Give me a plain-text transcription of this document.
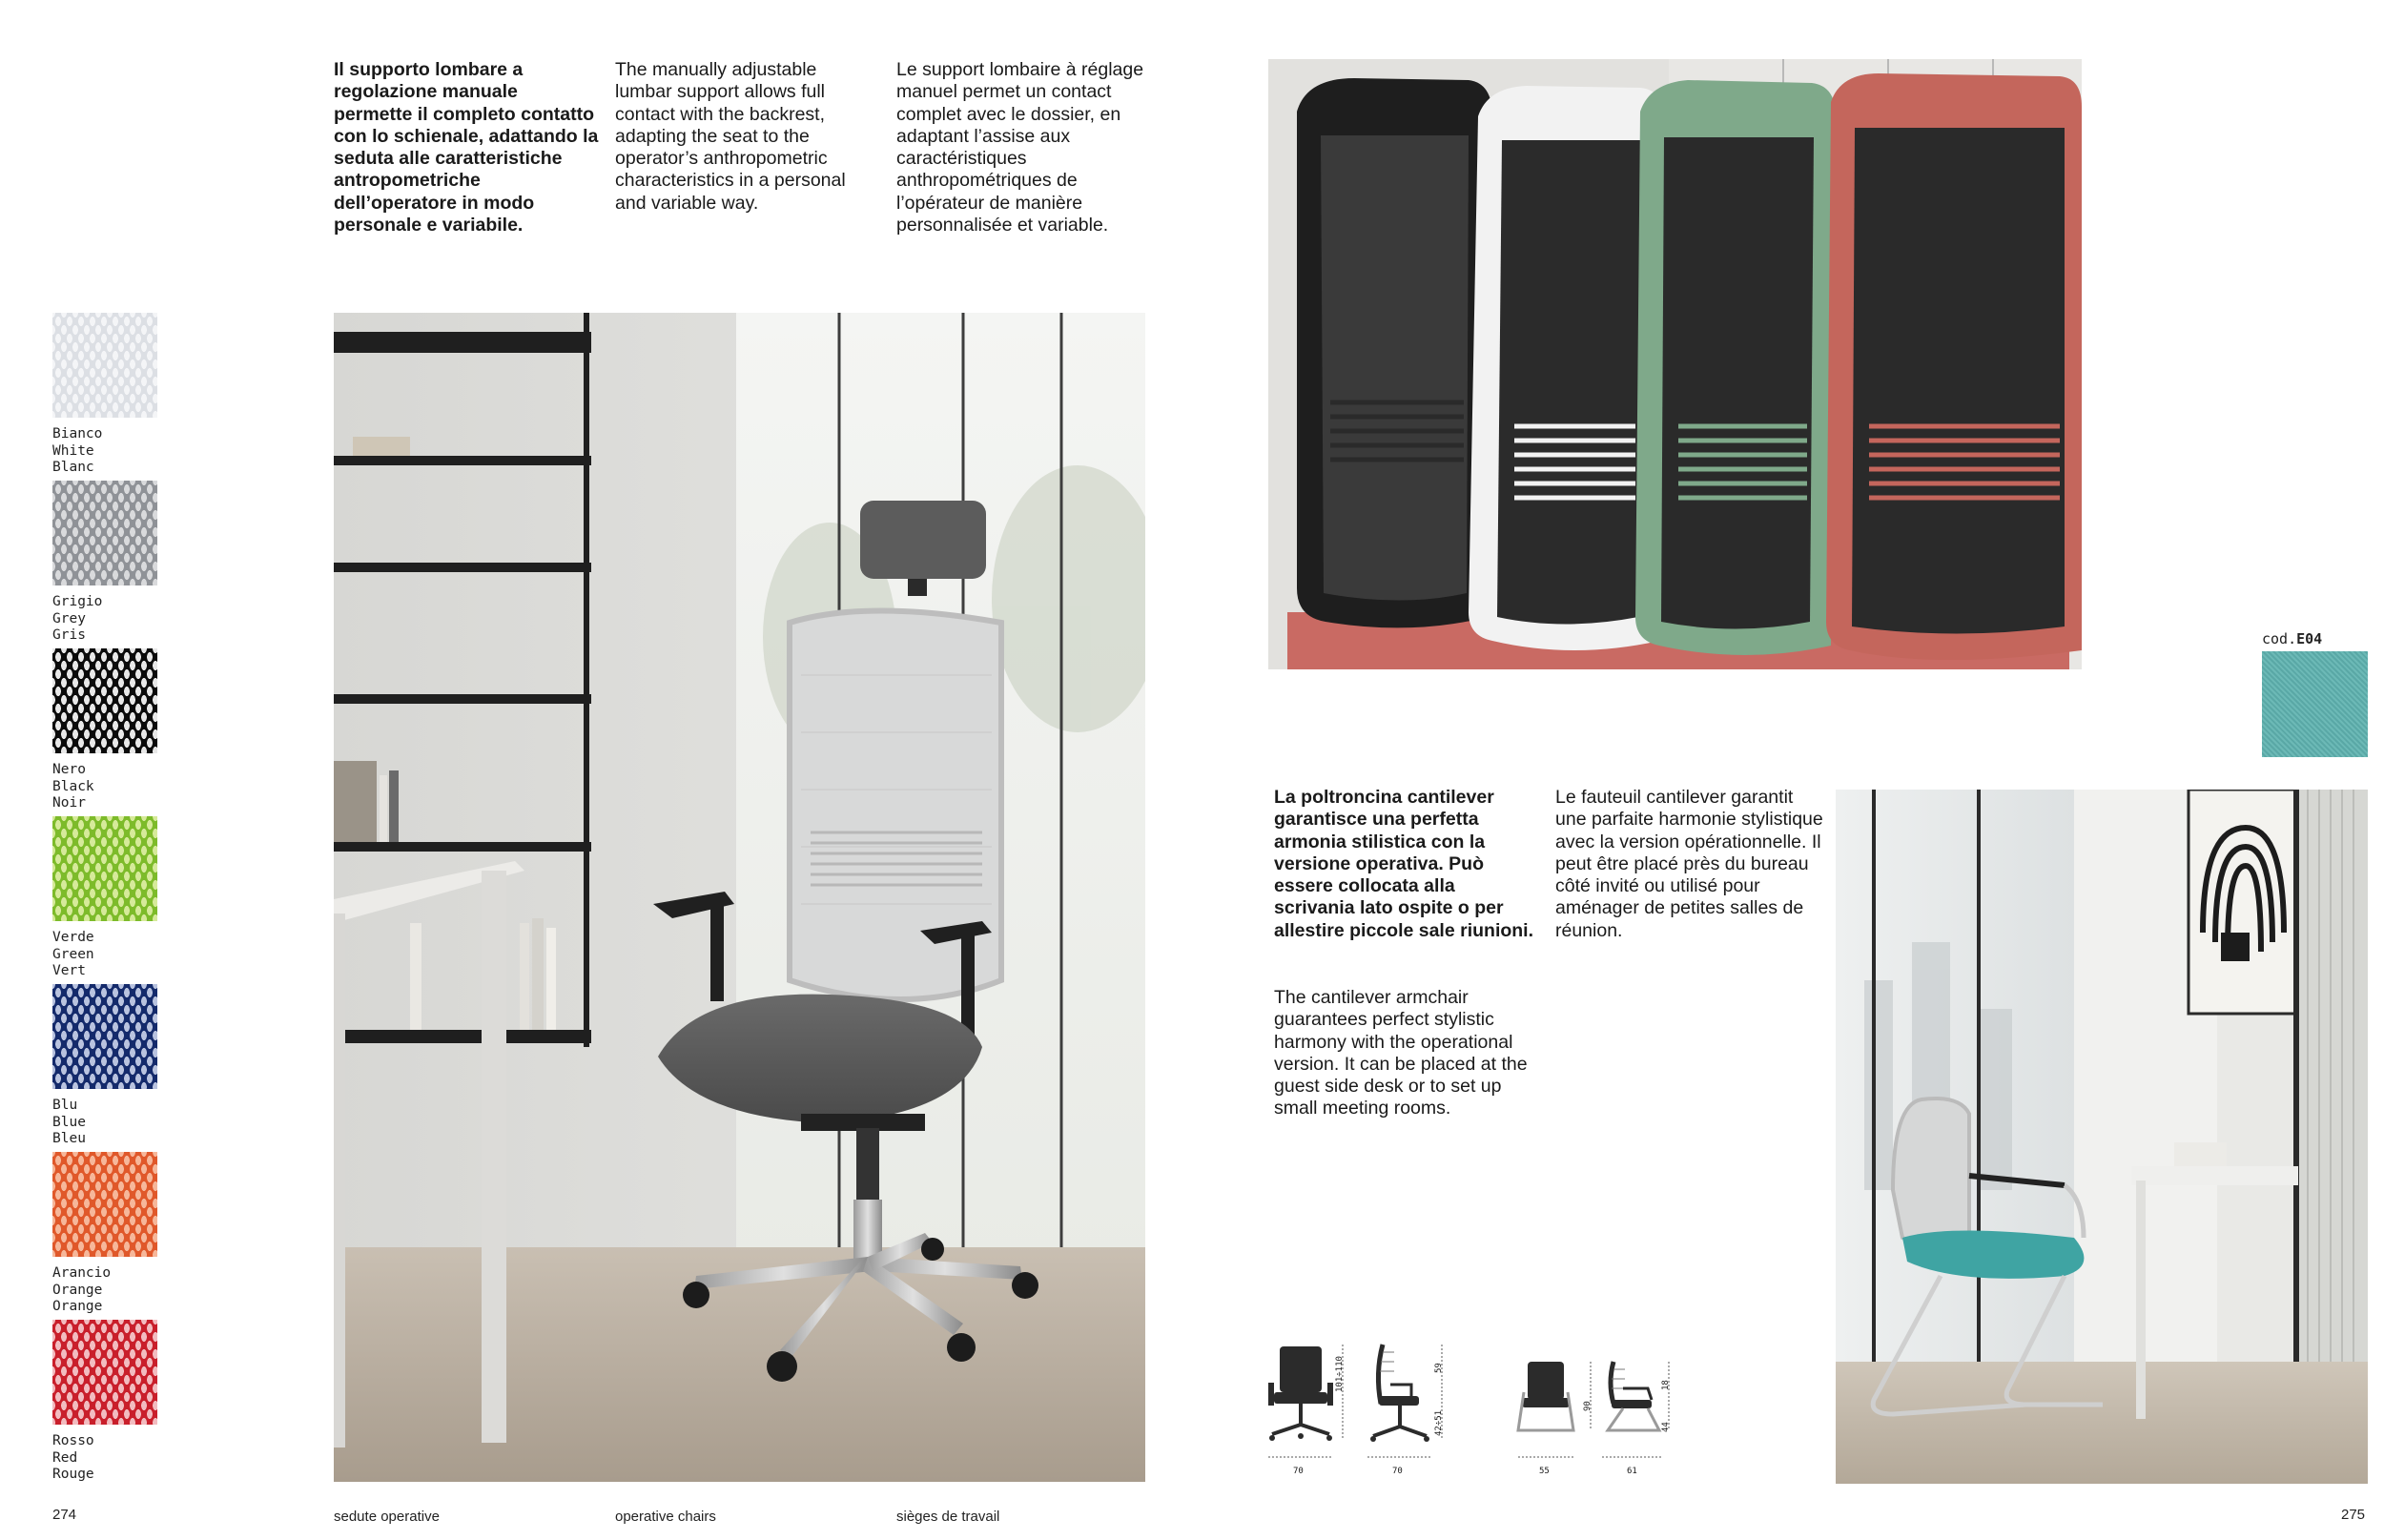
Il supporto lombare a regolazione manuale permette il completo contatto con lo schienale, adattando la seduta alle caratteristiche antropometriche dell’operatore in modo personale e variabile.
The manually adjustable lumbar support allows full contact with the backrest, adapting the seat to the operator’s anthropometric characteristics in a personal and variable way.
Le support lombaire à réglage manuel permet un contact complet avec le dossier, en adaptant l’assise aux caractéristiques anthropométriques de l’opérateur de manière personnalisée et variable.
Bianco
White
Blanc
Grigio
Grey
Gris
Nero
Black
Noir
Verde
Green
Vert
Blu
Blue
Bleu
Arancio
Orange
Orange
Rosso
Red
Rouge
cod.E04
La poltroncina cantilever garantisce una perfetta armonia stilistica con la versione operativa. Può essere collocata alla scrivania lato ospite o per allestire piccole sale riunioni.
The cantilever armchair guarantees perfect stylistic harmony with the operational version. It can be placed at the guest side desk or to set up small meeting rooms.
Le fauteuil cantilever garantit une parfaite harmonie stylistique avec la version opérationnelle. Il peut être placé près du bureau côté invité ou utilisé pour aménager de petites salles de réunion.
70	70	55	61
101÷110	59
42÷51
90
18
44
274	sedute operative	operative chairs	sièges de travail	275
